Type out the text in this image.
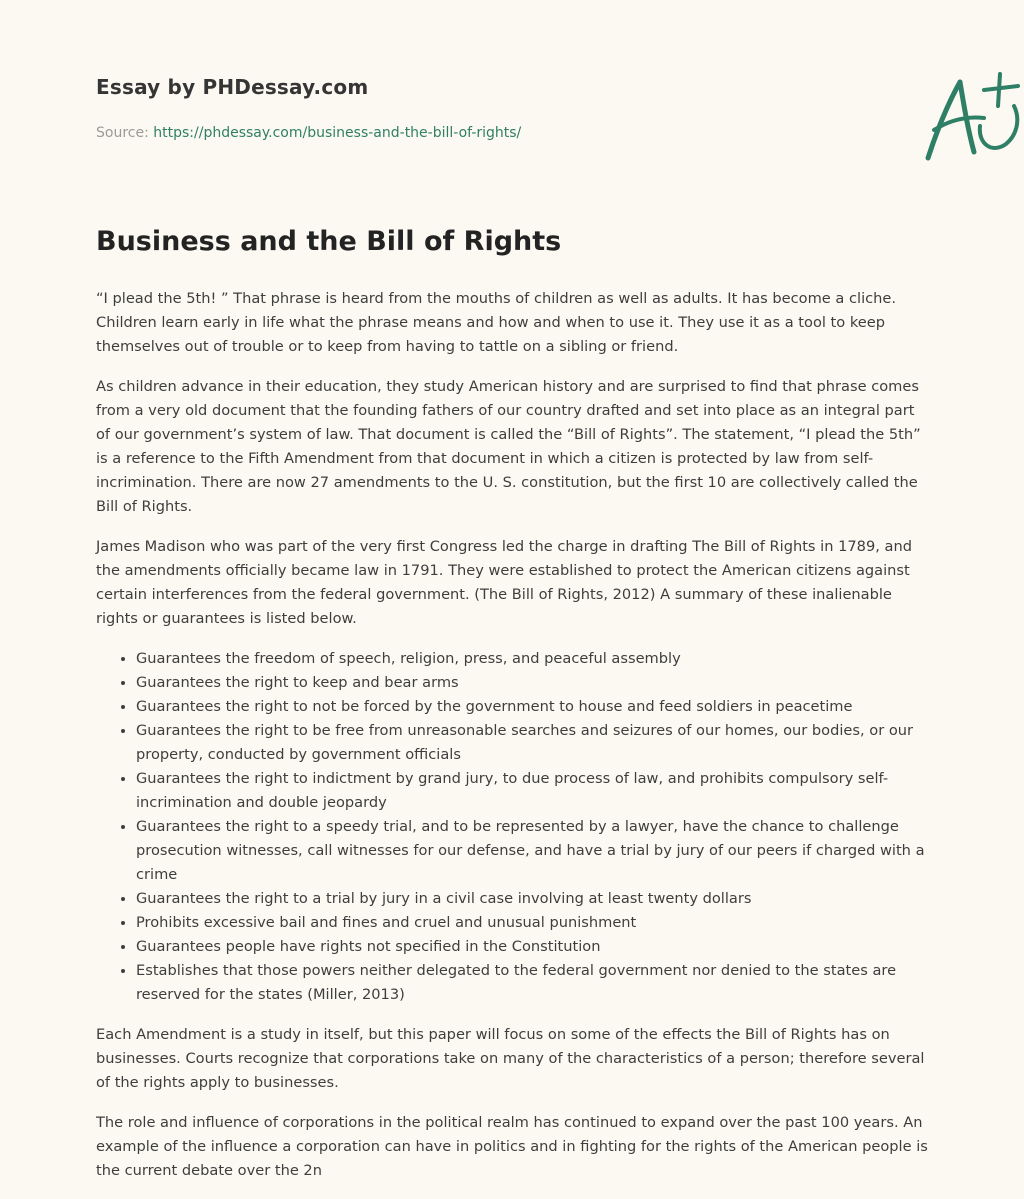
Essay by PHDessay.com
Source: https://phdessay.com/business-and-the-bill-of-rights/
Business and the Bill of Rights

“I plead the 5th! ” That phrase is heard from the mouths of children as well as adults. It has become a cliche. Children learn early in life what the phrase means and how and when to use it. They use it as a tool to keep themselves out of trouble or to keep from having to tattle on a sibling or friend.

As children advance in their education, they study American history and are surprised to find that phrase comes from a very old document that the founding fathers of our country drafted and set into place as an integral part of our government’s system of law. That document is called the “Bill of Rights”. The statement, “I plead the 5th” is a reference to the Fifth Amendment from that document in which a citizen is protected by law from self-incrimination. There are now 27 amendments to the U. S. constitution, but the first 10 are collectively called the Bill of Rights.

James Madison who was part of the very first Congress led the charge in drafting The Bill of Rights in 1789, and the amendments officially became law in 1791. They were established to protect the American citizens against certain interferences from the federal government. (The Bill of Rights, 2012) A summary of these inalienable rights or guarantees is listed below.

• Guarantees the freedom of speech, religion, press, and peaceful assembly
• Guarantees the right to keep and bear arms
• Guarantees the right to not be forced by the government to house and feed soldiers in peacetime
• Guarantees the right to be free from unreasonable searches and seizures of our homes, our bodies, or our property, conducted by government officials
• Guarantees the right to indictment by grand jury, to due process of law, and prohibits compulsory self-incrimination and double jeopardy
• Guarantees the right to a speedy trial, and to be represented by a lawyer, have the chance to challenge prosecution witnesses, call witnesses for our defense, and have a trial by jury of our peers if charged with a crime
• Guarantees the right to a trial by jury in a civil case involving at least twenty dollars
• Prohibits excessive bail and fines and cruel and unusual punishment
• Guarantees people have rights not specified in the Constitution
• Establishes that those powers neither delegated to the federal government nor denied to the states are reserved for the states (Miller, 2013)

Each Amendment is a study in itself, but this paper will focus on some of the effects the Bill of Rights has on businesses. Courts recognize that corporations take on many of the characteristics of a person; therefore several of the rights apply to businesses.

The role and influence of corporations in the political realm has continued to expand over the past 100 years. An example of the influence a corporation can have in politics and in fighting for the rights of the American people is the current debate over the 2n
